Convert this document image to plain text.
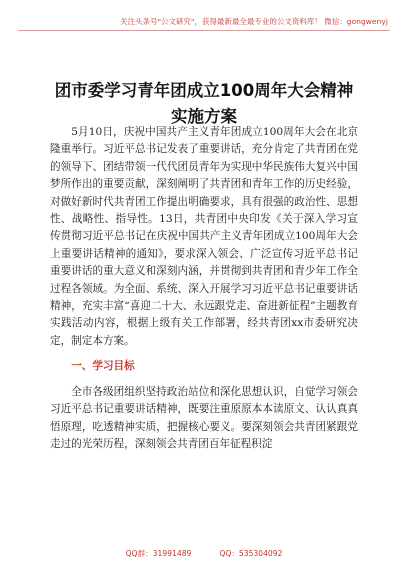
关注头条号"公文研究"，获得最新最全最专业的公文资料库！ 微信：gongwenyj
团市委学习青年团成立100周年大会精神实施方案

5月10日，庆祝中国共产主义青年团成立100周年大会在北京隆重举行。习近平总书记发表了重要讲话，充分肯定了共青团在党的领导下、团结带领一代代团员青年为实现中华民族伟大复兴中国梦所作出的重要贡献，深刻阐明了共青团和青年工作的历史经验，对做好新时代共青团工作提出明确要求，具有很强的政治性、思想性、战略性、指导性。13日，共青团中央印发《关于深入学习宣传贯彻习近平总书记在庆祝中国共产主义青年团成立100周年大会上重要讲话精神的通知》，要求深入领会、广泛宣传习近平总书记重要讲话的重大意义和深刻内涵，并贯彻到共青团和青少年工作全过程各领域。为全面、系统、深入开展学习习近平总书记重要讲话精神，充实丰富“喜迎二十大、永远跟党走、奋进新征程”主题教育实践活动内容，根据上级有关工作部署，经共青团xx市委研究决定，制定本方案。

一、学习目标

全市各级团组织坚持政治站位和深化思想认识，自觉学习领会习近平总书记重要讲话精神，既要注重原原本本读原文、认认真真悟原理，吃透精神实质，把握核心要义。要深刻领会共青团紧跟党走过的光荣历程，深刻领会共青团百年征程积淀

QQ群：31991489	QQ：535304092
